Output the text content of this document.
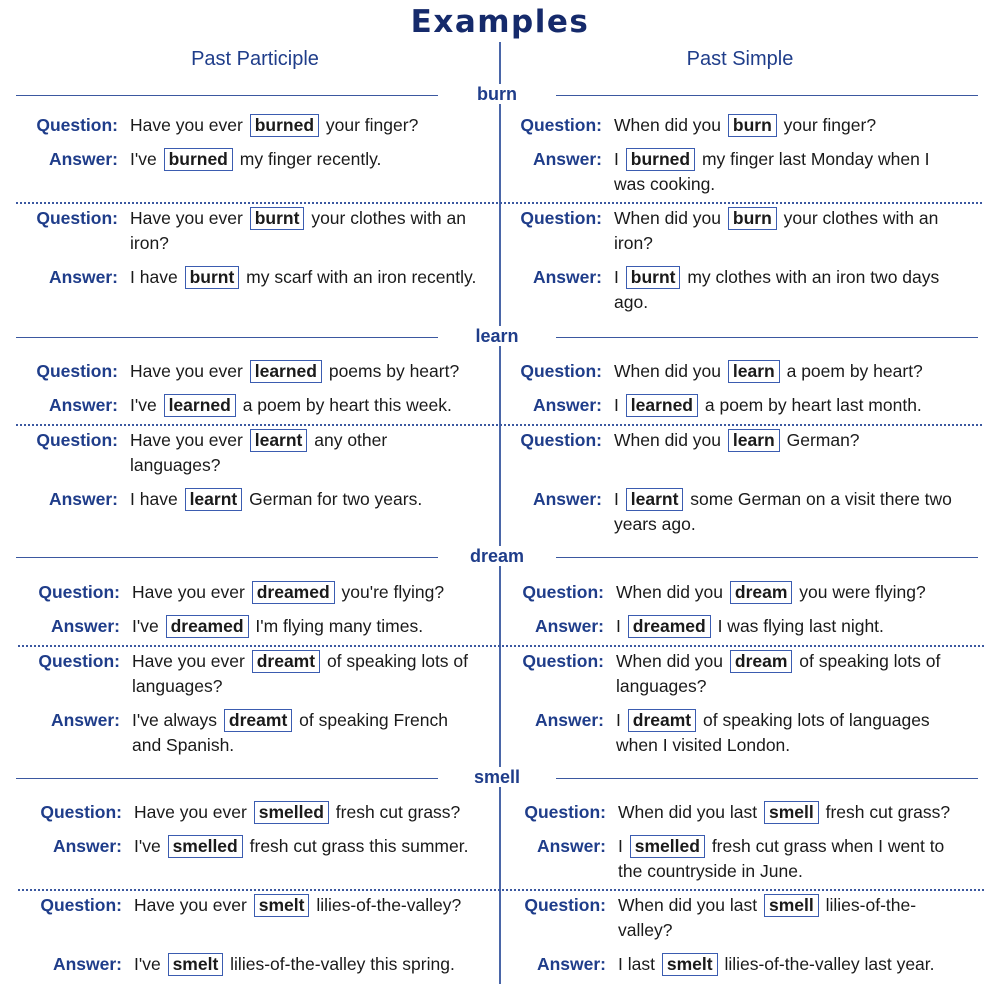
Examples
Past Participle	Past Simple
burn
Question: Have you ever burned your finger?
Answer: I've burned my finger recently.
Question: When did you burn your finger?
Answer: I burned my finger last Monday when I was cooking.
Question: Have you ever burnt your clothes with an iron?
Answer: I have burnt my scarf with an iron recently.
Question: When did you burn your clothes with an iron?
Answer: I burnt my clothes with an iron two days ago.
learn
Question: Have you ever learned poems by heart?
Answer: I've learned a poem by heart this week.
Question: When did you learn a poem by heart?
Answer: I learned a poem by heart last month.
Question: Have you ever learnt any other languages?
Answer: I have learnt German for two years.
Question: When did you learn German?
Answer: I learnt some German on a visit there two years ago.
dream
Question: Have you ever dreamed you're flying?
Answer: I've dreamed I'm flying many times.
Question: When did you dream you were flying?
Answer: I dreamed I was flying last night.
Question: Have you ever dreamt of speaking lots of languages?
Answer: I've always dreamt of speaking French and Spanish.
Question: When did you dream of speaking lots of languages?
Answer: I dreamt of speaking lots of languages when I visited London.
smell
Question: Have you ever smelled fresh cut grass?
Answer: I've smelled fresh cut grass this summer.
Question: When did you last smell fresh cut grass?
Answer: I smelled fresh cut grass when I went to the countryside in June.
Question: Have you ever smelt lilies-of-the-valley?
Answer: I've smelt lilies-of-the-valley this spring.
Question: When did you last smell lilies-of-the-valley?
Answer: I last smelt lilies-of-the-valley last year.
